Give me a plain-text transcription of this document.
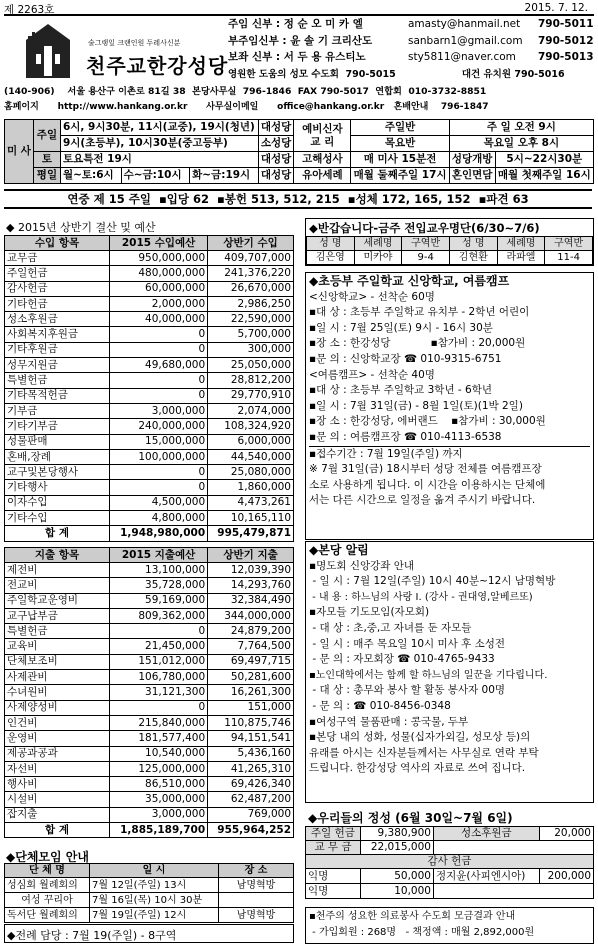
제 2263호	2015. 7. 12.
술그랭잎 크랜인원 두레사신분
천주교한강성당
주임 신부 : 정 순 오 미 카 엘	amasty@hanmail.net	790-5011
부주임신부 : 윤 솔 기 크리산도	sanbarn1@gmail.com	790-5012
보좌 신부 : 서 두 용 유스티노	sty5811@naver.com	790-5013
영원한 도움의 성모 수도회  790-5015                    대건 유치원 790-5016
(140-906)    서울 용산구 이촌로 81길 38  본당사무실  796-1846  FAX 790-5017  연합회  010-3732-8851
홈페이지      http://www.hankang.or.kr      사무실이메일      office@hankang.or.kr   혼배안내    796-1847
미 사	주일	6시, 9시30분, 11시(교중), 19시(청년)			대성당	예비신자 교 리	주일반	주 일 오전 9시	
		9시(초등부), 10시30분(중고등부)			소성당		목요반	목요일 오후 8시	
	토	토요특전 19시			대성당	고해성사	매 미사 15분전	성당개방	5시~22시30분
	평일	월~토:6시	수~금:10시	화~금:19시	대성당	유아세례	매월 둘째주일 17시	혼인면담	매월 첫째주일 16시
연중 제 15 주일  ▪입당 62  ▪봉헌 513, 512, 215  ▪성체 172, 165, 152  ▪파견 63
◆ 2015년 상반기 결산 및 예산
수입 항목	2015 수입예산	상반기 수입
교무금	950,000,000	409,707,000
주일헌금	480,000,000	241,376,220
감사헌금	60,000,000	26,670,000
기타헌금	2,000,000	2,986,250
성소후원금	40,000,000	22,590,000
사회복지후원금	0	5,700,000
기타후원금	0	300,000
성무지원금	49,680,000	25,050,000
특별헌금	0	28,812,200
기타목적헌금	0	29,770,910
기부금	3,000,000	2,074,000
기타기부금	240,000,000	108,324,920
성물판매	15,000,000	6,000,000
혼배,장례	100,000,000	44,540,000
교구및본당행사	0	25,080,000
기타행사	0	1,860,000
이자수입	4,500,000	4,473,261
기타수입	4,800,000	10,165,110
합 계	1,948,980,000	995,479,871
지출 항목	2015 지출예산	상반기 지출
제전비	13,100,000	12,039,390
전교비	35,728,000	14,293,760
주일학교운영비	59,169,000	32,384,490
교구납부금	809,362,000	344,000,000
특별헌금	0	24,879,200
교육비	21,450,000	7,764,500
단체보조비	151,012,000	69,497,715
사제관비	106,780,000	50,281,600
수녀원비	31,121,300	16,261,300
사제양성비	0	151,000
인건비	215,840,000	110,875,746
운영비	181,577,400	94,151,541
제공과공과	10,540,000	5,436,160
자선비	125,000,000	41,265,310
행사비	86,510,000	69,426,340
시설비	35,000,000	62,487,200
잡지출	3,000,000	769,000
합 계	1,885,189,700	955,964,252
◆단체모임 안내
단 체 명	일 시	장 소
성심회 월례회의	7월 12일(주일) 13시	남명혁방
여성 꾸리아	7월 16일(목) 10시 30분	
독서단 월례회의	7월 19일(주일) 12시	남명혁방
◆전례 담당 : 7월 19(주일) - 8구역
◆반갑습니다-금주 전입교우명단(6/30~7/6)
성 명	세례명	구역반	성 명	세례명	구역반
김은영	미카야	9-4	김현환	라파엘	11-4
◆초등부 주일학교 신앙학교, 여름캠프
<신앙학교> - 선착순 60명
▪대 상 : 초등부 주일학교 유치부 - 2학년 어린이
▪일 시 : 7월 25일(토) 9시 - 16시 30분
▪장 소 : 한강성당            ▪참가비 : 20,000원
▪문 의 : 신앙학교장 ☎ 010-9315-6751
<여름캠프> - 선착순 40명
▪대 상 : 초등부 주일학교 3학년 - 6학년
▪일 시 : 7월 31일(금) - 8월 1일(토)(1박 2일)
▪장 소 : 한강성당, 에버랜드    ▪참가비 : 30,000원
▪문 의 : 여름캠프장 ☎ 010-4113-6538
▪접수기간 : 7월 19일(주일) 까지
※ 7월 31일(금) 18시부터 성당 전체를 여름캠프장
소로 사용하게 됩니다. 이 시간을 이용하시는 단체에
서는 다른 시간으로 일정을 옮겨 주시기 바랍니다.
◆본당 알림
▪명도회 신앙강좌 안내
- 일 시 : 7월 12일(주일) 10시 40분~12시 남명혁방
- 내 용 : 하느님의 사랑 I. (강사 - 권대영,알베르또)
▪자모들 기도모임(자모회)
- 대 상 : 초,중,고 자녀를 둔 자모들
- 일 시 : 매주 목요일 10시 미사 후 소성전
- 문 의 : 자모회장 ☎ 010-4765-9433
▪노인대학에서는 함께 할 하느님의 일꾼을 기다립니다.
- 대 상 : 총무와 봉사 할 활동 봉사자 00명
- 문 의 : ☎ 010-8456-0348
▪여성구역 물품판매 : 콩국물, 두부
▪본당 내의 성화, 성물(십자가외길, 성모상 등)의
유래를 아시는 신자분들께서는 사무실로 연락 부탁
드립니다. 한강성당 역사의 자료로 쓰여 집니다.
◆우리들의 정성 (6월 30일~7월 6일)
주일 헌금	9,380,900	성소후원금	20,000
교 무 금	22,015,000		
감사 헌금			
익명	50,000	정지윤(사피엔시아)	200,000
익명	10,000		
▪천주의 성요한 의료봉사 수도회 모금결과 안내
- 가입회원 : 268명   - 책정액 : 매월 2,892,000원
